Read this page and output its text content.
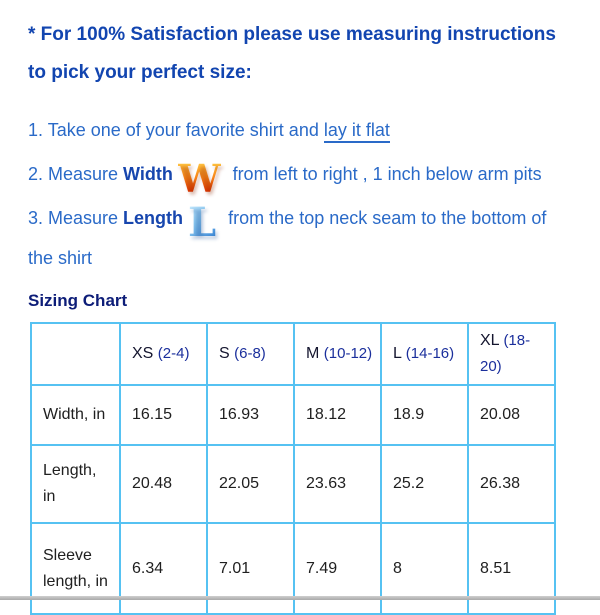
* For 100% Satisfaction please use measuring instructions
to pick your perfect size:

1. Take one of your favorite shirt and lay it flat
2. Measure Width W from left to right , 1 inch below arm pits
3. Measure Length L from the top neck seam to the bottom of the shirt
Sizing Chart
	XS (2-4)	S (6-8)	M (10-12)	L (14-16)	XL (18-20)
Width, in	16.15	16.93	18.12	18.9	20.08
Length, in	20.48	22.05	23.63	25.2	26.38
Sleeve length, in	6.34	7.01	7.49	8	8.51
